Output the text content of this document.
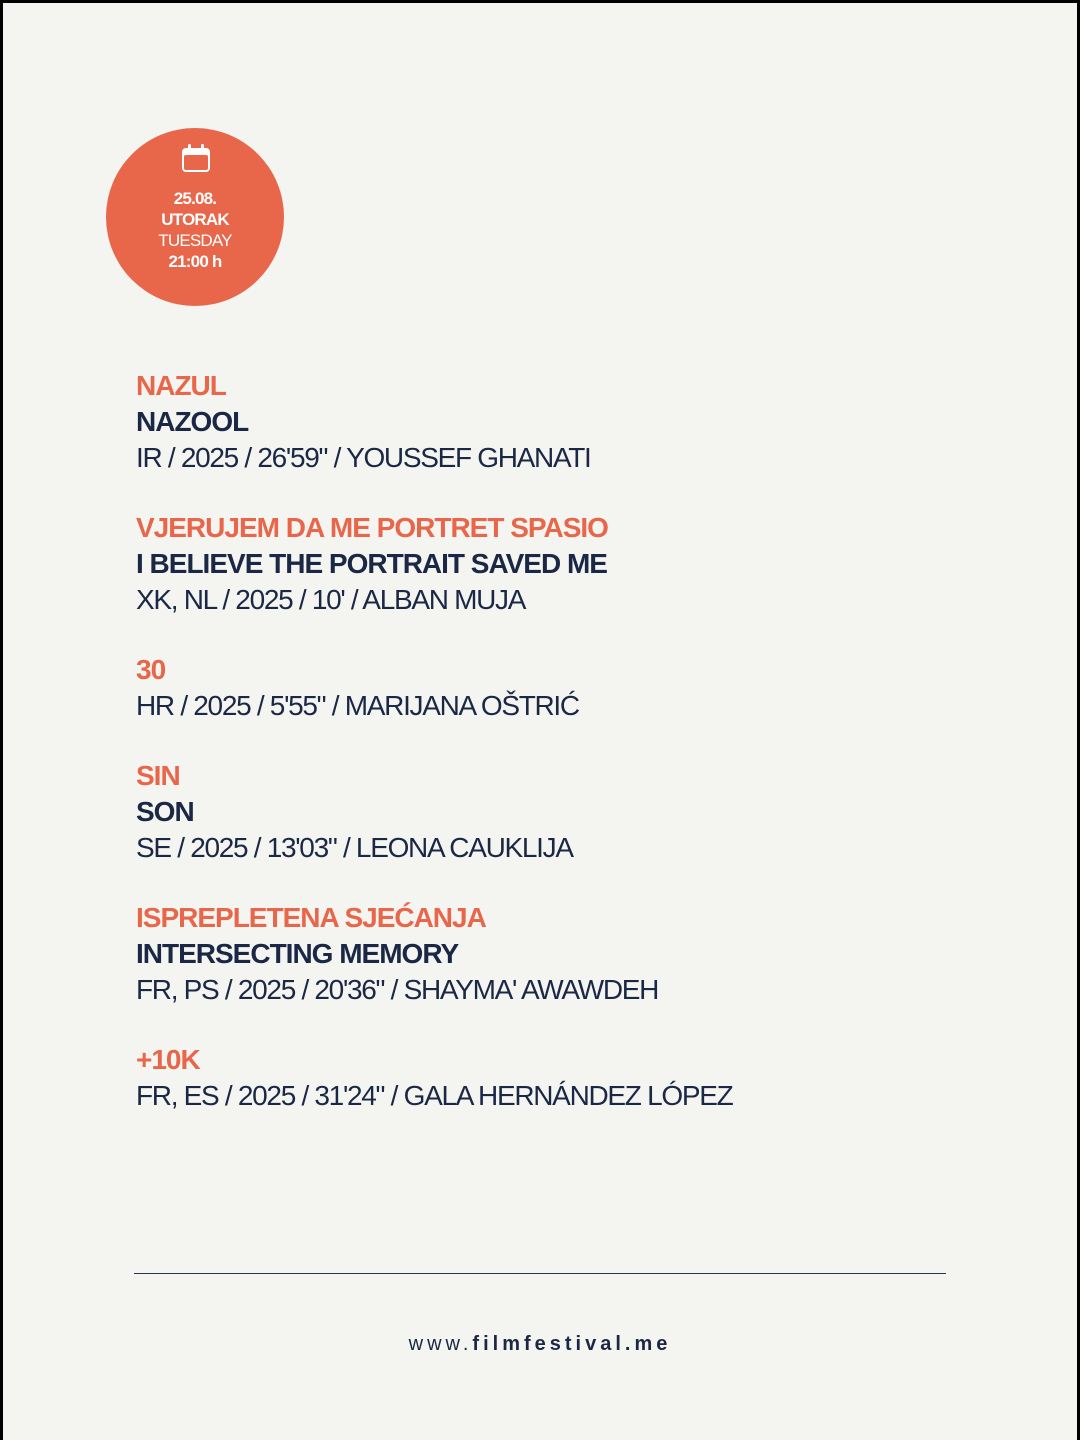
25.08.
UTORAK
TUESDAY
21:00 h
NAZUL
NAZOOL
IR / 2025 / 26'59" / YOUSSEF GHANATI
VJERUJEM DA ME PORTRET SPASIO
I BELIEVE THE PORTRAIT SAVED ME
XK, NL / 2025 / 10' / ALBAN MUJA
30
HR / 2025 / 5'55" / MARIJANA OŠTRIĆ
SIN
SON
SE / 2025 / 13'03" / LEONA CAUKLIJA
ISPREPLETENA SJEĆANJA
INTERSECTING MEMORY
FR, PS / 2025 / 20'36" / SHAYMA' AWAWDEH
+10K
FR, ES / 2025 / 31'24" / GALA HERNÁNDEZ LÓPEZ
www.filmfestival.me
